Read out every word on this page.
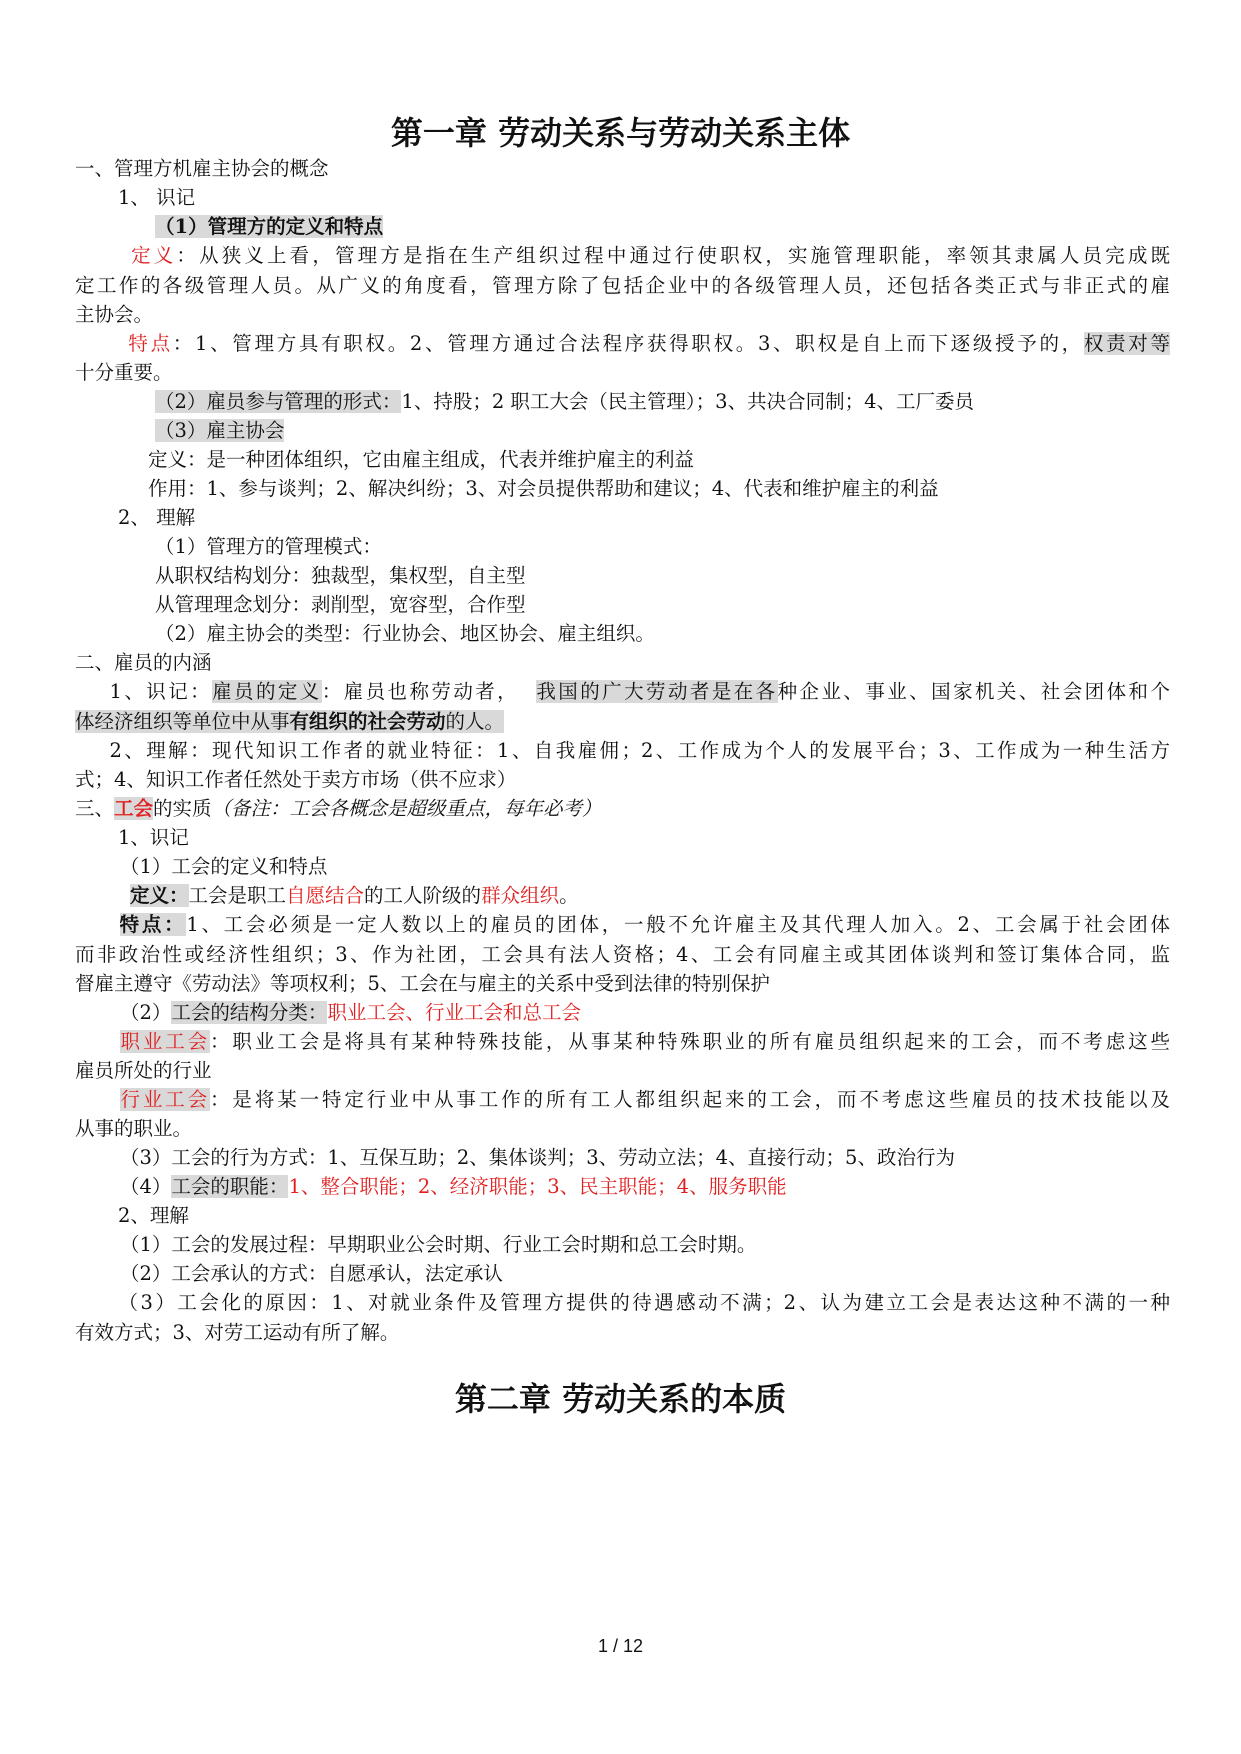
第一章 劳动关系与劳动关系主体
一、管理方机雇主协会的概念
1、 识记
（1）管理方的定义和特点
定义：从狭义上看，管理方是指在生产组织过程中通过行使职权，实施管理职能，率领其隶属人员完成既
定工作的各级管理人员。从广义的角度看，管理方除了包括企业中的各级管理人员，还包括各类正式与非正式的雇
主协会。
特点：1、管理方具有职权。2、管理方通过合法程序获得职权。3、职权是自上而下逐级授予的，权责对等
十分重要。
（2）雇员参与管理的形式：1、持股；2 职工大会（民主管理）；3、共决合同制；4、工厂委员
（3）雇主协会
定义：是一种团体组织，它由雇主组成，代表并维护雇主的利益
作用：1、参与谈判；2、解决纠纷；3、对会员提供帮助和建议；4、代表和维护雇主的利益
2、 理解
（1）管理方的管理模式：
从职权结构划分：独裁型，集权型，自主型
从管理理念划分：剥削型，宽容型，合作型
（2）雇主协会的类型：行业协会、地区协会、雇主组织。
二、雇员的内涵
1、识记：雇员的定义：雇员也称劳动者， 我国的广大劳动者是在各种企业、事业、国家机关、社会团体和个
体经济组织等单位中从事有组织的社会劳动的人。
2、理解：现代知识工作者的就业特征：1、自我雇佣；2、工作成为个人的发展平台；3、工作成为一种生活方
式；4、知识工作者任然处于卖方市场（供不应求）
三、工会的实质（备注：工会各概念是超级重点，每年必考）
1、识记
（1）工会的定义和特点
定义：工会是职工自愿结合的工人阶级的群众组织。
特点：1、工会必须是一定人数以上的雇员的团体，一般不允许雇主及其代理人加入。2、工会属于社会团体
而非政治性或经济性组织；3、作为社团，工会具有法人资格；4、工会有同雇主或其团体谈判和签订集体合同，监
督雇主遵守《劳动法》等项权利；5、工会在与雇主的关系中受到法律的特别保护
（2）工会的结构分类：职业工会、行业工会和总工会
职业工会：职业工会是将具有某种特殊技能，从事某种特殊职业的所有雇员组织起来的工会，而不考虑这些
雇员所处的行业
行业工会：是将某一特定行业中从事工作的所有工人都组织起来的工会，而不考虑这些雇员的技术技能以及
从事的职业。
（3）工会的行为方式：1、互保互助；2、集体谈判；3、劳动立法；4、直接行动；5、政治行为
（4）工会的职能：1、整合职能；2、经济职能；3、民主职能；4、服务职能
2、理解
（1）工会的发展过程：早期职业公会时期、行业工会时期和总工会时期。
（2）工会承认的方式：自愿承认，法定承认
（3）工会化的原因：1、对就业条件及管理方提供的待遇感动不满；2、认为建立工会是表达这种不满的一种
有效方式；3、对劳工运动有所了解。
第二章 劳动关系的本质
1 / 12
